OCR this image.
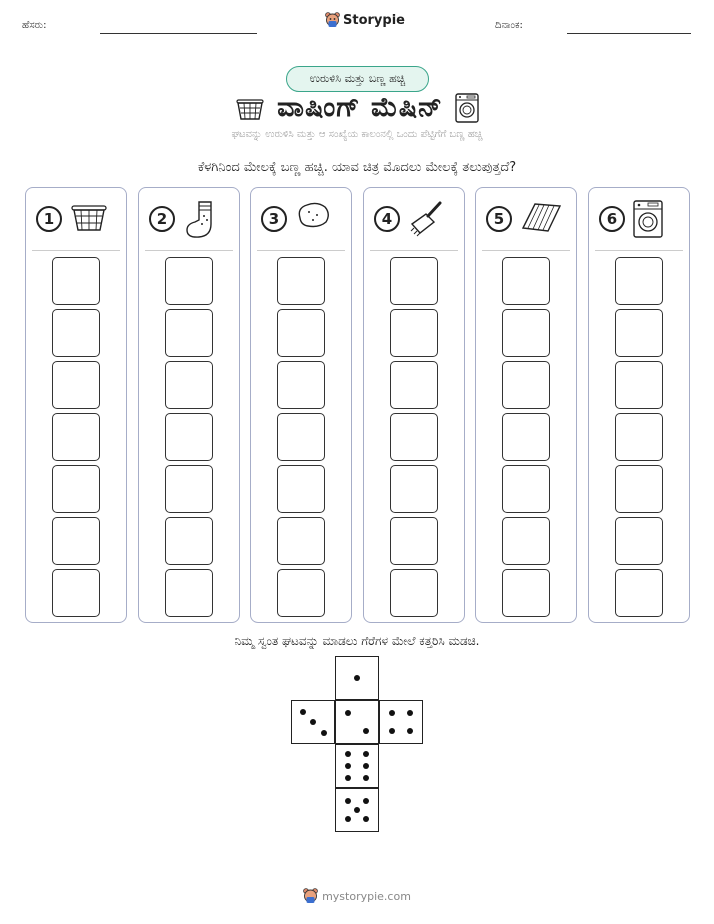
ಹೆಸರು:	Storypie	ದಿನಾಂಕ:
ಉರುಳಿಸಿ ಮತ್ತು ಬಣ್ಣ ಹಚ್ಚಿ
ವಾಷಿಂಗ್ ಮೆಷಿನ್
ಘಟವನ್ನು ಉರುಳಿಸಿ ಮತ್ತು ಆ ಸಂಖ್ಯೆಯ ಕಾಲಂನಲ್ಲಿ ಒಂದು ಪೆಟ್ಟಿಗೆಗೆ ಬಣ್ಣ ಹಚ್ಚಿ
ಕೆಳಗಿನಿಂದ ಮೇಲಕ್ಕೆ ಬಣ್ಣ ಹಚ್ಚಿ. ಯಾವ ಚಿತ್ರ ಮೊದಲು ಮೇಲಕ್ಕೆ ತಲುಪುತ್ತದೆ?
1	2	3	4	5	6
ನಿಮ್ಮ ಸ್ವಂತ ಘಟವನ್ನು ಮಾಡಲು ಗೆರೆಗಳ ಮೇಲೆ ಕತ್ತರಿಸಿ ಮಡಚಿ.
mystorypie.com
